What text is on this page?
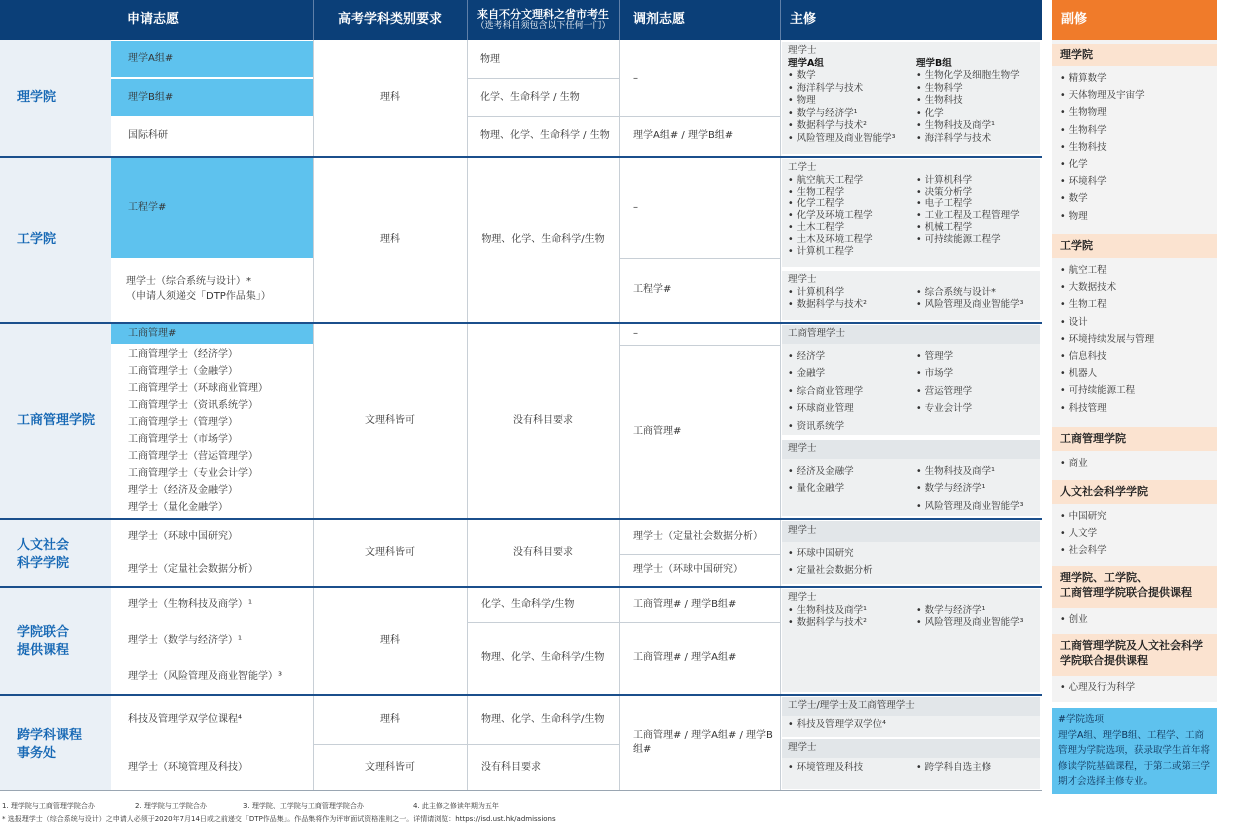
申请志愿	高考学科类别要求	来自不分文理科之省市考生
（选考科目须包含以下任何一门）	调剂志愿	主修	副修
理学院
理学A组#
理学B组#
国际科研
理科
物理
化学、生命科学 / 生物
物理、化学、生命科学 / 生物
–
理学A组# / 理学B组#
理学士
理学A组
• 数学
• 海洋科学与技术
• 物理
• 数学与经济学¹
• 数据科学与技术²
• 风险管理及商业智能学³
理学B组
• 生物化学及细胞生物学
• 生物科学
• 生物科技
• 化学
• 生物科技及商学¹
• 海洋科学与技术
工学院
工程学#
理学士（综合系统与设计）*
（申请人须递交「DTP作品集」）
理科	物理、化学、生命科学/生物
–
工程学#
工学士
• 航空航天工程学
• 生物工程学
• 化学工程学
• 化学及环境工程学
• 土木工程学
• 土木及环境工程学
• 计算机工程学
• 计算机科学
• 决策分析学
• 电子工程学
• 工业工程及工程管理学
• 机械工程学
• 可持续能源工程学
理学士
• 计算机科学
• 数据科学与技术²
• 综合系统与设计*
• 风险管理及商业智能学³
工商管理学院
工商管理#
工商管理学士（经济学）
工商管理学士（金融学）
工商管理学士（环球商业管理）
工商管理学士（资讯系统学）
工商管理学士（管理学）
工商管理学士（市场学）
工商管理学士（营运管理学）
工商管理学士（专业会计学）
理学士（经济及金融学）
理学士（量化金融学）
文理科皆可	没有科目要求
–
工商管理#
工商管理学士
• 经济学
• 金融学
• 综合商业管理学
• 环球商业管理
• 资讯系统学
• 管理学
• 市场学
• 营运管理学
• 专业会计学
理学士
• 经济及金融学
• 量化金融学
• 生物科技及商学¹
• 数学与经济学¹
• 风险管理及商业智能学³
人文社会
科学学院
理学士（环球中国研究）
理学士（定量社会数据分析）
文理科皆可	没有科目要求
理学士（定量社会数据分析）
理学士（环球中国研究）
理学士
• 环球中国研究
• 定量社会数据分析
学院联合
提供课程
理学士（生物科技及商学）¹
理学士（数学与经济学）¹
理学士（风险管理及商业智能学）³
理科
化学、生命科学/生物
物理、化学、生命科学/生物
工商管理# / 理学B组#
工商管理# / 理学A组#
理学士
• 生物科技及商学¹
• 数据科学与技术²
• 数学与经济学¹
• 风险管理及商业智能学³
跨学科课程
事务处
科技及管理学双学位课程⁴
理学士（环境管理及科技）
理科
文理科皆可
物理、化学、生命科学/生物
没有科目要求
工商管理# / 理学A组# / 理学B组#
工学士/理学士及工商管理学士
• 科技及管理学双学位⁴
理学士
• 环境管理及科技
•	跨学科自选主修
理学院
• 精算数学
• 天体物理及宇宙学
• 生物物理
• 生物科学
• 生物科技
• 化学
• 环境科学
• 数学
• 物理
工学院
• 航空工程
• 大数据技术
• 生物工程
• 设计
• 环境持续发展与管理
• 信息科技
• 机器人
• 可持续能源工程
• 科技管理
工商管理学院
• 商业
人文社会科学学院
• 中国研究
• 人文学
• 社会科学
理学院、工学院、
工商管理学院联合提供课程
• 创业
工商管理学院及人文社会科学
学院联合提供课程
• 心理及行为科学
#学院选项
理学A组、理学B组、工程学、工商管理为学院选项，获录取学生首年将修读学院基础课程，于第二或第三学期才会选择主修专业。
1. 理学院与工商管理学院合办	2. 理学院与工学院合办	3. 理学院、工学院与工商管理学院合办	4. 此主修之修读年期为五年
* 选报理学士（综合系统与设计）之申请人必须于2020年7月14日或之前递交「DTP作品集」。作品集将作为评审面试资格准则之一。详情请浏览：https://isd.ust.hk/admissions
